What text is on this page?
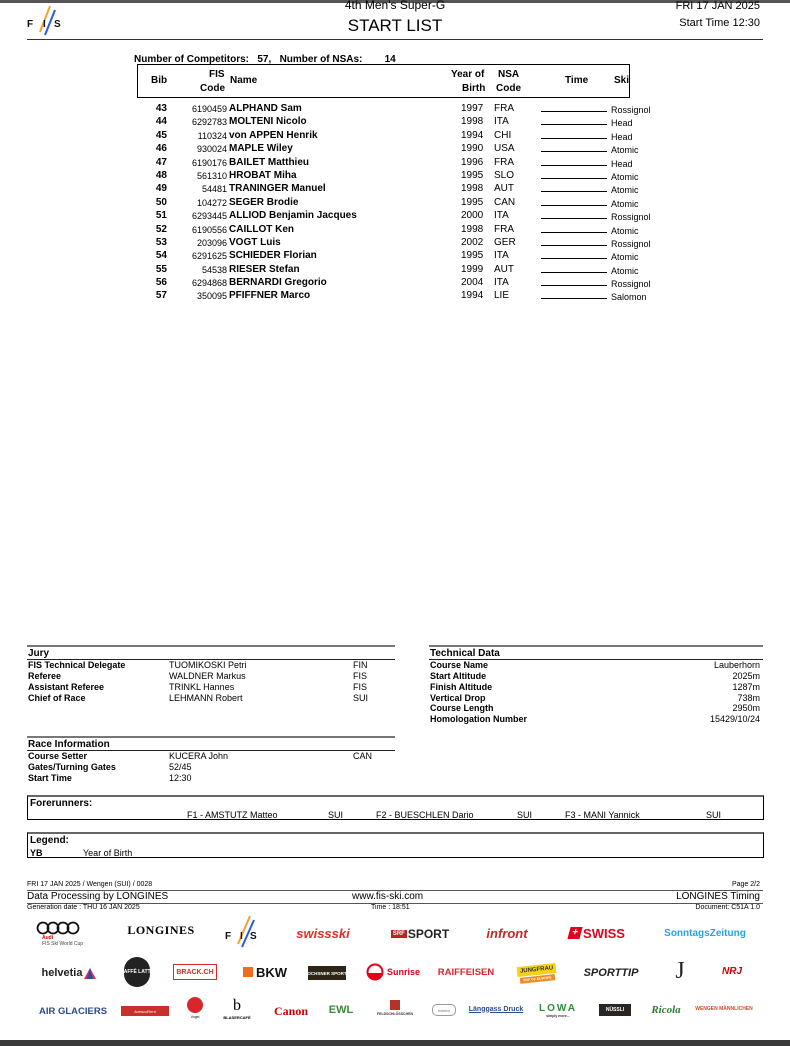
F I S
4th Men's Super-G
START LIST
FRI 17 JAN 2025
Start Time 12:30
Number of Competitors:   57,   Number of NSAs:        14
Bib
FIS
Code
Name
Year of
Birth
NSA
Code
Time	Ski
43	6190459 ALPHAND Sam	1997 FRA	Rossignol
44	6292783 MOLTENI Nicolo	1998 ITA	Head
45	110324 von APPEN Henrik	1994 CHI	Head
46	930024 MAPLE Wiley	1990 USA	Atomic
47	6190176 BAILET Matthieu	1996 FRA	Head
48	561310 HROBAT Miha	1995 SLO	Atomic
49	54481 TRANINGER Manuel	1998 AUT	Atomic
50	104272 SEGER Brodie	1995 CAN	Atomic
51	6293445 ALLIOD Benjamin Jacques	2000 ITA	Rossignol
52	6190556 CAILLOT Ken	1998 FRA	Atomic
53	203096 VOGT Luis	2002 GER	Rossignol
54	6291625 SCHIEDER Florian	1995 ITA	Atomic
55	54538 RIESER Stefan	1999 AUT	Atomic
56	6294868 BERNARDI Gregorio	2004 ITA	Rossignol
57	350095 PFIFFNER Marco	1994 LIE	Salomon
Jury
FIS Technical Delegate	TUOMIKOSKI Petri	FIN
Referee	WALDNER Markus	FIS
Assistant Referee	TRINKL Hannes	FIS
Chief of Race	LEHMANN Robert	SUI
Technical Data
Course Name	Lauberhorn
Start Altitude	2025m
Finish Altitude	1287m
Vertical Drop	738m
Course Length	2950m
Homologation Number	15429/10/24
Race Information
Course Setter	KUCERA John	CAN
Gates/Turning Gates	52/45
Start Time	12:30
Forerunners:
F1 - AMSTUTZ Matteo	SUI	F2 - BUESCHLEN Dario	SUI	F3 - MANI Yannick	SUI
Legend:
YB	Year of Birth
FRI 17 JAN 2025 / Wengen (SUI) / 0028	Page 2/2
Data Processing by LONGINES	www.fis-ski.com	LONGINES Timing
Generation date : THU 16 JAN 2025	Time : 18:51	Document: C51A 1.0
Audi
FIS Ski World Cup
LONGINES	F I S	swissski	SRF SPORT	infront	+ SWISS	SonntagsZeitung
helvetia	CAFFÈ LATTE	BRACK.CH	BKW	OCHSNER SPORT	Sunrise RAIFFEISEN	JUNGFRAU
TOP OF EUROPE	SPORTTIP J	NRJ
AIR GLACIERS	AvescoRent
Vogel
b
BLASERCAFÉ	Canon	EWL	FELDSCHLÖSSCHEN
indebo	Länggass Druck LOWA
simply more...
NÜSSLI	Ricola	WENGEN MÄNNLICHEN
